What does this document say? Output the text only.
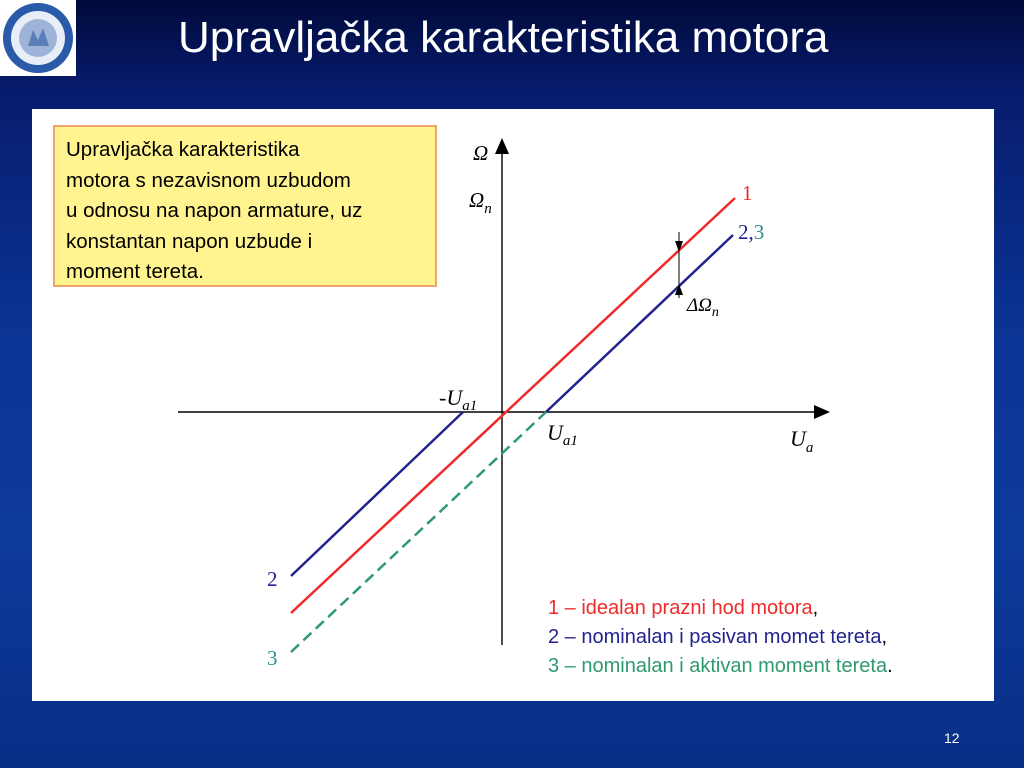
Upravljačka karakteristika motora
Ω
$\Omega_n$
$U_a$
$-U_{a1}$
$U_{a1}$
$\Delta\Omega_n$
1
2,3
2
3
Upravljačka karakteristika
motora s nezavisnom uzbudom
u odnosu na napon armature, uz
konstantan napon uzbude i
moment tereta.
1 – idealan prazni hod motora,
2 – nominalan i pasivan momet tereta,
3 – nominalan i aktivan moment tereta.
12
